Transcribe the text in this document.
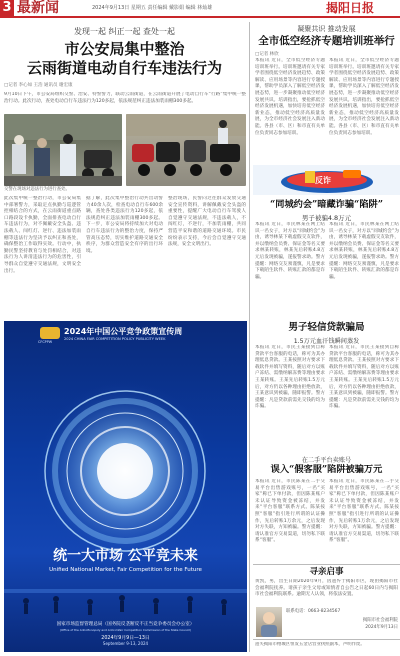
3 最新闻	2024年9月13日 星期五 责任编辑 戴影娟 编辑 林灿雄	揭阳日报
发现一起 纠正一起 查处一起
市公安局集中整治
云雨街道电动自行车违法行为
□记者 李心如 王浩 通讯员 谢宏康
9月10日下午，市公安局组织交警、治安、特警警力，联动云雨街道，在云雨街道开展了电动自行车“行路”集中统一整治行动。此次行动，查处电动自行车违法行为120多起，依法规范纠正违法加装雨棚300多起。
交警在现场对违法行为进行查处。
此次集中统一整治行动，市公安局集中部署警力，采取定点执勤与巡逻管控相结合的方式，在云雨街道重点路口路段设卡执勤，全面排查电动自行车违法行为，对不佩戴安全头盔、违法载人、闯红灯、逆行、违法加装雨棚等违法行为坚决予以纠正和查处，确保整治工作取得实效。行动中，执勤民警坚持教育与处罚相结合，对违法行为人讲清违法行为的危害性，引导群众自觉遵守交通法规，文明安全出行。
据了解，此次集中整治行动共出动警力40余人次，检查电动自行车600余辆，查处各类违法行为120多起，依法规范纠正违法加装雨棚300多起。下一步，市公安局将持续加大对电动自行车违法行为的整治力度，保持严管高压态势，切实维护道路交通安全秩序，为群众营造安全有序的出行环境。
整治现场，民警向过往群众发放交通安全宣传资料，讲解佩戴安全头盔的重要性，提醒广大电动自行车驾驶人自觉遵守交通法规，不违法载人，不闯红灯，不逆行，不加装雨棚，共同营造平安和谐的道路交通环境。市民纷纷表示支持，今后会自觉遵守交通法规，安全文明出行。
CFCPPW
2024年中国公平竞争政策宣传周
2024 CHINA FAIR COMPETITION POLICY PUBLICITY WEEK
统一大市场 公平竞未来
Unified National Market, Fair Competition for the Future
国家市场监督管理总局（国务院反垄断反不正当竞争委员会办公室）
(Office of the Anti-Monopoly and Anti-Unfair Competition Commission of the State Council)
2024年9月9日—13日
September 9-13, 2024
凝聚共识 推动发展
全市低空经济专题培训班举行
□记者 林欣
本报讯 近日，全市低空经济专题培训班举行。培训班邀请有关专家学者围绕低空经济发展趋势、政策解读、应用场景等内容进行专题授课，帮助学员深入了解低空经济发展态势，进一步凝聚推动低空经济发展共识。培训指出，要抢抓低空经济发展机遇，加快培育低空经济新业态，推动低空经济高质量发展，为全市经济社会发展注入新动能。各县（市、区）和市直有关单位负责同志参加培训。
本报讯 近日，全市低空经济专题培训班举行。培训班邀请有关专家学者围绕低空经济发展趋势、政策解读、应用场景等内容进行专题授课，帮助学员深入了解低空经济发展态势，进一步凝聚推动低空经济发展共识。培训指出，要抢抓低空经济发展机遇，加快培育低空经济新业态，推动低空经济高质量发展，为全市经济社会发展注入新动能。各县（市、区）和市直有关单位负责同志参加培训。
反诈
“同城约会”暗藏诈骗“陷阱”
男子被骗4.8万元
本报讯 近日，市民林某在网上结识一名女子，对方以“同城约会”为由，诱导林某下载虚假交友软件，并以缴纳会员费、保证金等名义要求林某转账，林某先后转账4.8万元后发现被骗，遂报警求助。警方提醒：网络交友须谨慎，凡是要求下载陌生软件、转账汇款的都是诈骗。
本报讯 近日，市民林某在网上结识一名女子，对方以“同城约会”为由，诱导林某下载虚假交友软件，并以缴纳会员费、保证金等名义要求林某转账，林某先后转账4.8万元后发现被骗，遂报警求助。警方提醒：网络交友须谨慎，凡是要求下载陌生软件、转账汇款的都是诈骗。
男子轻信贷款骗局
1.5万元血汗钱瞬间蒸发
本报讯 近日，市民王某接到自称贷款平台客服的电话，称可为其办理低息贷款。王某按照对方要求下载软件并填写资料，随后对方以账户冻结、需缴纳解冻费等理由要求王某转账。王某先后转账1.5万元后，对方仍以各种理由拒绝放款，王某意识到被骗，随即报警。警方提醒：凡是贷款前需先交钱的均为诈骗。
本报讯 近日，市民王某接到自称贷款平台客服的电话，称可为其办理低息贷款。王某按照对方要求下载软件并填写资料，随后对方以账户冻结、需缴纳解冻费等理由要求王某转账。王某先后转账1.5万元后，对方仍以各种理由拒绝放款，王某意识到被骗，随即报警。警方提醒：凡是贷款前需先交钱的均为诈骗。
在二手平台卖账号
误入“假客服”陷阱被骗万元
本报讯 近日，市民陈某在二手交易平台出售游戏账号，一名“买家”称已下单付款，但因陈某账户未认证导致资金被冻结，并发来“平台客服”联系方式。陈某按照“客服”指引进行所谓的认证操作，先后转账1万余元，之后发现对方失联，方知被骗。警方提醒：请认准官方交易渠道，切勿私下联系“客服”。
本报讯 近日，市民陈某在二手交易平台出售游戏账号，一名“买家”称已下单付款，但因陈某账户未认证导致资金被冻结，并发来“平台客服”联系方式。陈某按照“客服”指引进行所谓的认证操作，先后转账1万余元，之后发现对方失联，方知被骗。警方提醒：请认准官方交易渠道，切勿私下联系“客服”。
寻亲启事
黄凯，男，出生日期2020年9月，因遗弃于揭阳市区，现由揭阳市社会福利院抚养。请孩子亲生父母或知情者自公告之日起60日内与揭阳市社会福利院联系。逾期无人认领，将依法安置。
联系电话：0663-8234567
揭阳市社会福利院
2024年9月13日
遗失揭阳市榕城区恒发五金店营业执照副本，声明作废。
